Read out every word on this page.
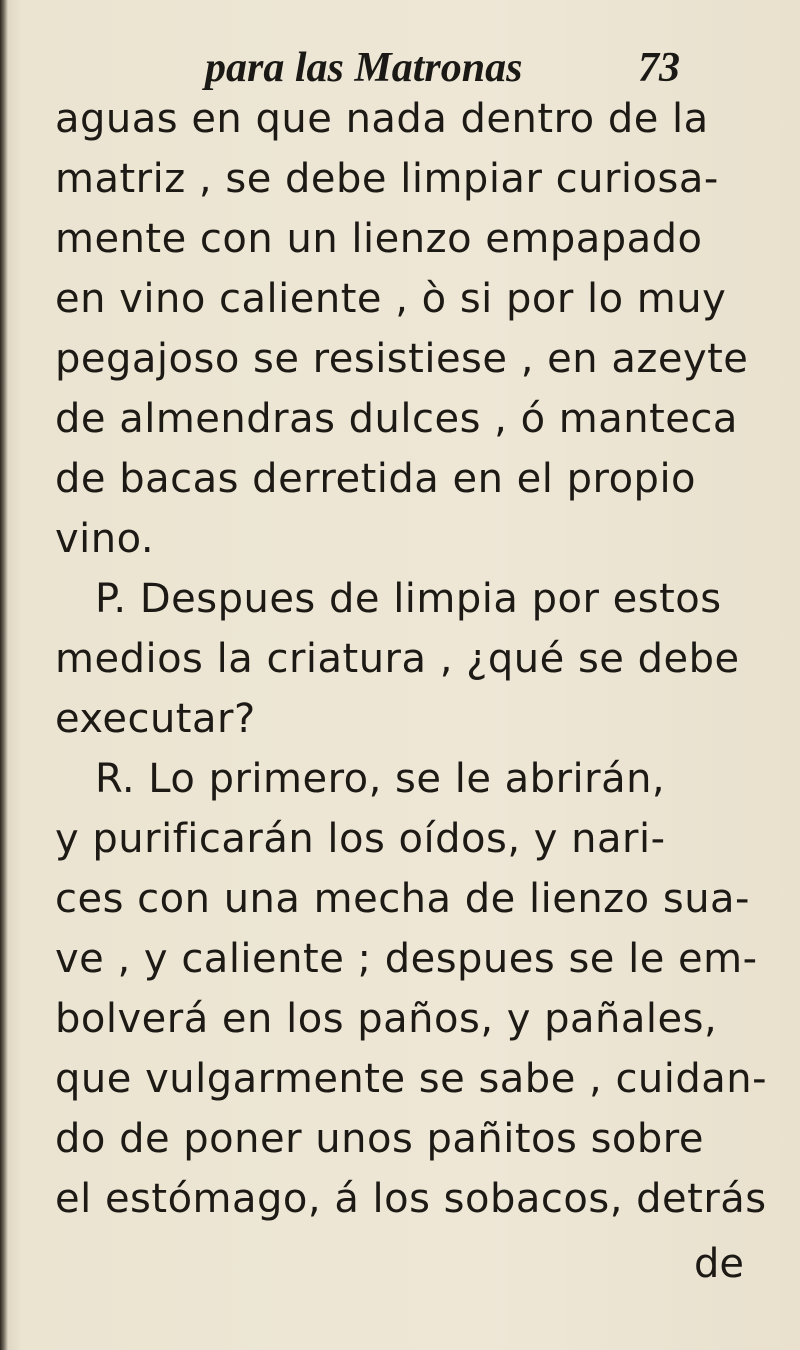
para las Matronas	73
aguas en que nada dentro de la
matriz , se debe limpiar curiosa-
mente con un lienzo empapado
en vino caliente , ò si por lo muy
pegajoso se resistiese , en azeyte
de almendras dulces , ó manteca
de bacas derretida en el propio
vino.
P. Despues de limpia por estos
medios la criatura , ¿qué se debe
executar?
R. Lo primero, se le abrirán,
y purificarán los oídos, y nari-
ces con una mecha de lienzo sua-
ve , y caliente ; despues se le em-
bolverá en los paños, y pañales,
que vulgarmente se sabe , cuidan-
do de poner unos pañitos sobre
el estómago, á los sobacos, detrás
de
